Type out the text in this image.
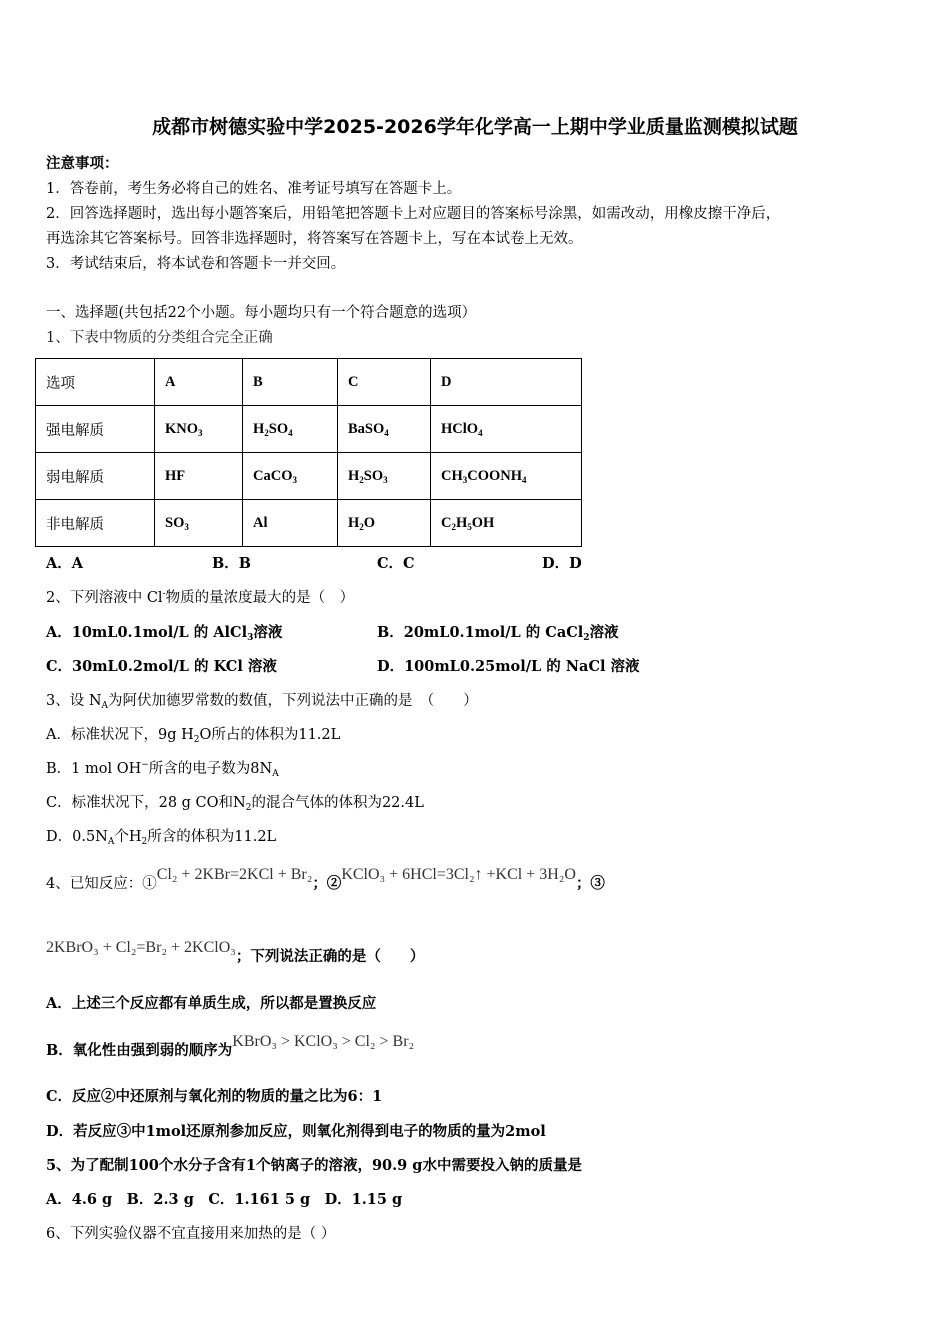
成都市树德实验中学2025-2026学年化学高一上期中学业质量监测模拟试题
注意事项：
1．答卷前，考生务必将自己的姓名、准考证号填写在答题卡上。
2．回答选择题时，选出每小题答案后，用铅笔把答题卡上对应题目的答案标号涂黑，如需改动，用橡皮擦干净后，
再选涂其它答案标号。回答非选择题时，将答案写在答题卡上，写在本试卷上无效。
3．考试结束后，将本试卷和答题卡一并交回。
一、选择题(共包括22个小题。每小题均只有一个符合题意的选项）
1、下表中物质的分类组合完全正确
选项	A	B	C	D
强电解质	$KNO_3$	$H_2SO_4$	BaSO$_4$	HClO$_4$
弱电解质	HF	CaCO$_3$	$H_2SO_3$	$CH_3COONH_4$
非电解质	$SO_3$	Al	$H_2O$	$C_2H_5OH$
A．A	B．B	C．C	D．D
2、下列溶液中 Cl-物质的量浓度最大的是（　）
A．10mL0.1mol/L 的 AlCl$_3$溶液	B．20mL0.1mol/L 的 CaCl$_2$溶液
C．30mL0.2mol/L 的 KCl 溶液	D．100mL0.25mol/L 的 NaCl 溶液
3、设 $N_A$为阿伏加德罗常数的数值，下列说法中正确的是　（　　）
A．标准状况下，9g $H_2O$所占的体积为11.2L
B．1 mol OH−所含的电子数为$8N_A$
C．标准状况下，28 g CO和$N_2$的混合气体的体积为22.4L
D．$0.5N_A$个$H_2$所含的体积为11.2L
4、已知反应：①Cl₂ + 2KBr=2KCl + Br₂；②KClO₃ + 6HCl=3Cl₂↑ +KCl + 3H₂O；③
2KBrO₃ + Cl₂=Br₂ + 2KClO₃；下列说法正确的是（　　）
A．上述三个反应都有单质生成，所以都是置换反应
B．氧化性由强到弱的顺序为KBrO₃ > KClO₃ > Cl₂ > Br₂
C．反应②中还原剂与氧化剂的物质的量之比为6：1
D．若反应③中1mol还原剂参加反应，则氧化剂得到电子的物质的量为2mol
5、为了配制100个水分子含有1个钠离子的溶液，90.9 g水中需要投入钠的质量是
A．4.6 g　B．2.3 g　C．1.161 5 g　D．1.15 g
6、下列实验仪器不宜直接用来加热的是（ ）
